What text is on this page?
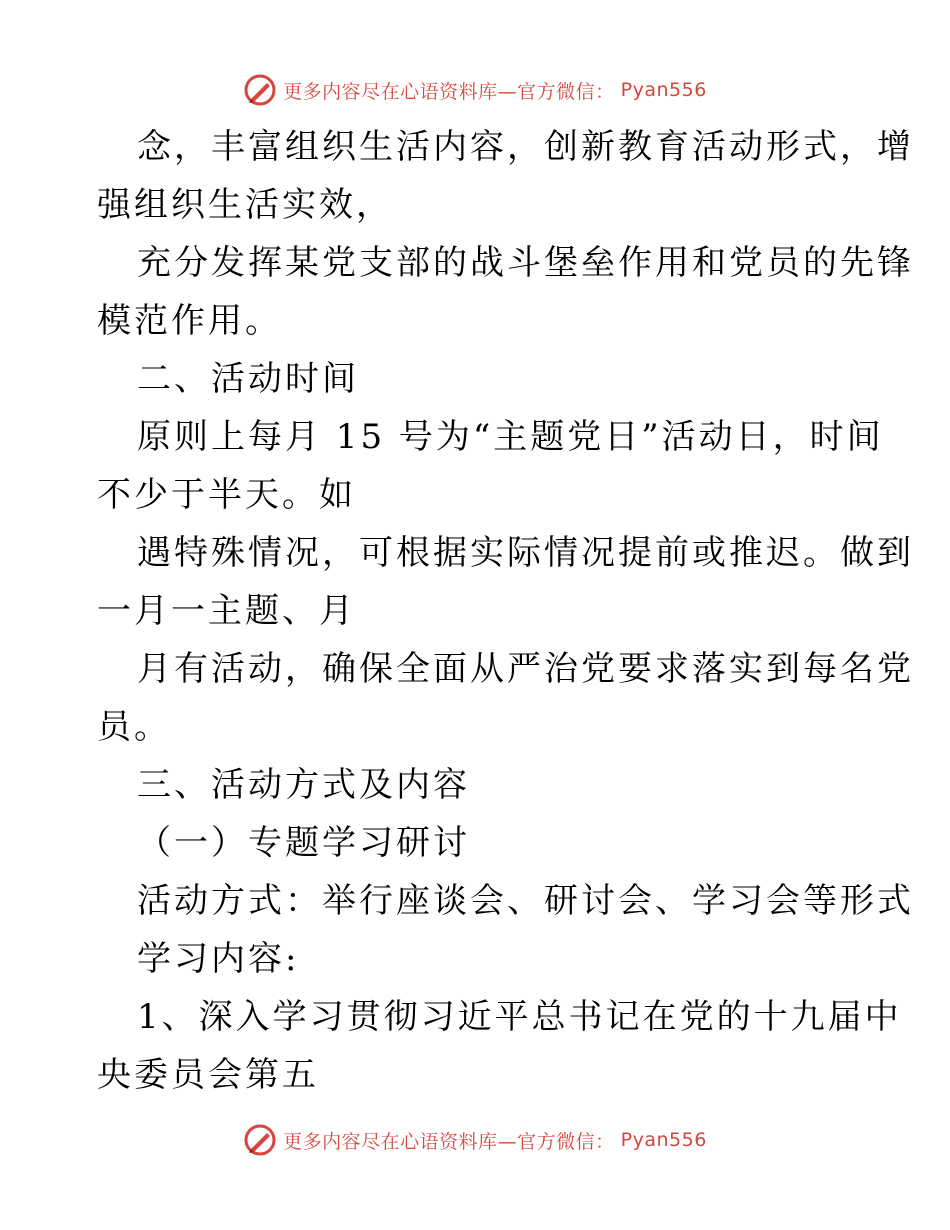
更多内容尽在心语资料库—官方微信： Pyan556
念，丰富组织生活内容，创新教育活动形式，增
强组织生活实效，
充分发挥某党支部的战斗堡垒作用和党员的先锋
模范作用。
二、活动时间
原则上每月 15 号为“主题党日”活动日，时间
不少于半天。如
遇特殊情况，可根据实际情况提前或推迟。做到
一月一主题、月
月有活动，确保全面从严治党要求落实到每名党
员。
三、活动方式及内容
（一）专题学习研讨
活动方式：举行座谈会、研讨会、学习会等形式
学习内容:
1、深入学习贯彻习近平总书记在党的十九届中
央委员会第五
更多内容尽在心语资料库—官方微信： Pyan556
